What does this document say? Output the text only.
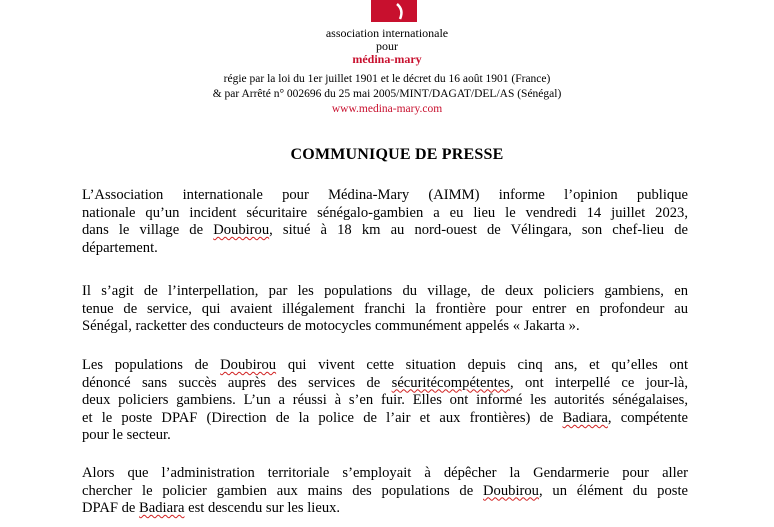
association internationale
pour
médina-mary
régie par la loi du 1er juillet 1901 et le décret du 16 août 1901 (France)
& par Arrêté n° 002696 du 25 mai 2005/MINT/DAGAT/DEL/AS (Sénégal)
www.medina-mary.com
COMMUNIQUE DE PRESSE
L’Association internationale pour Médina-Mary (AIMM) informe l’opinion publique
nationale qu’un incident sécuritaire sénégalo-gambien a eu lieu le vendredi 14 juillet 2023,
dans le village de Doubirou, situé à 18 km au nord-ouest de Vélingara, son chef-lieu de
département.
Il s’agit de l’interpellation, par les populations du village, de deux policiers gambiens, en
tenue de service, qui avaient illégalement franchi la frontière pour entrer en profondeur au
Sénégal, racketter des conducteurs de motocycles communément appelés « Jakarta ».
Les populations de Doubirou qui vivent cette situation depuis cinq ans, et qu’elles ont
dénoncé sans succès auprès des services de sécuritécompétentes, ont interpellé ce jour-là,
deux policiers gambiens. L’un a réussi à s’en fuir. Elles ont informé les autorités sénégalaises,
et le poste DPAF (Direction de la police de l’air et aux frontières) de Badiara, compétente
pour le secteur.
Alors que l’administration territoriale s’employait à dépêcher la Gendarmerie pour aller
chercher le policier gambien aux mains des populations de Doubirou, un élément du poste
DPAF de Badiara est descendu sur les lieux.
